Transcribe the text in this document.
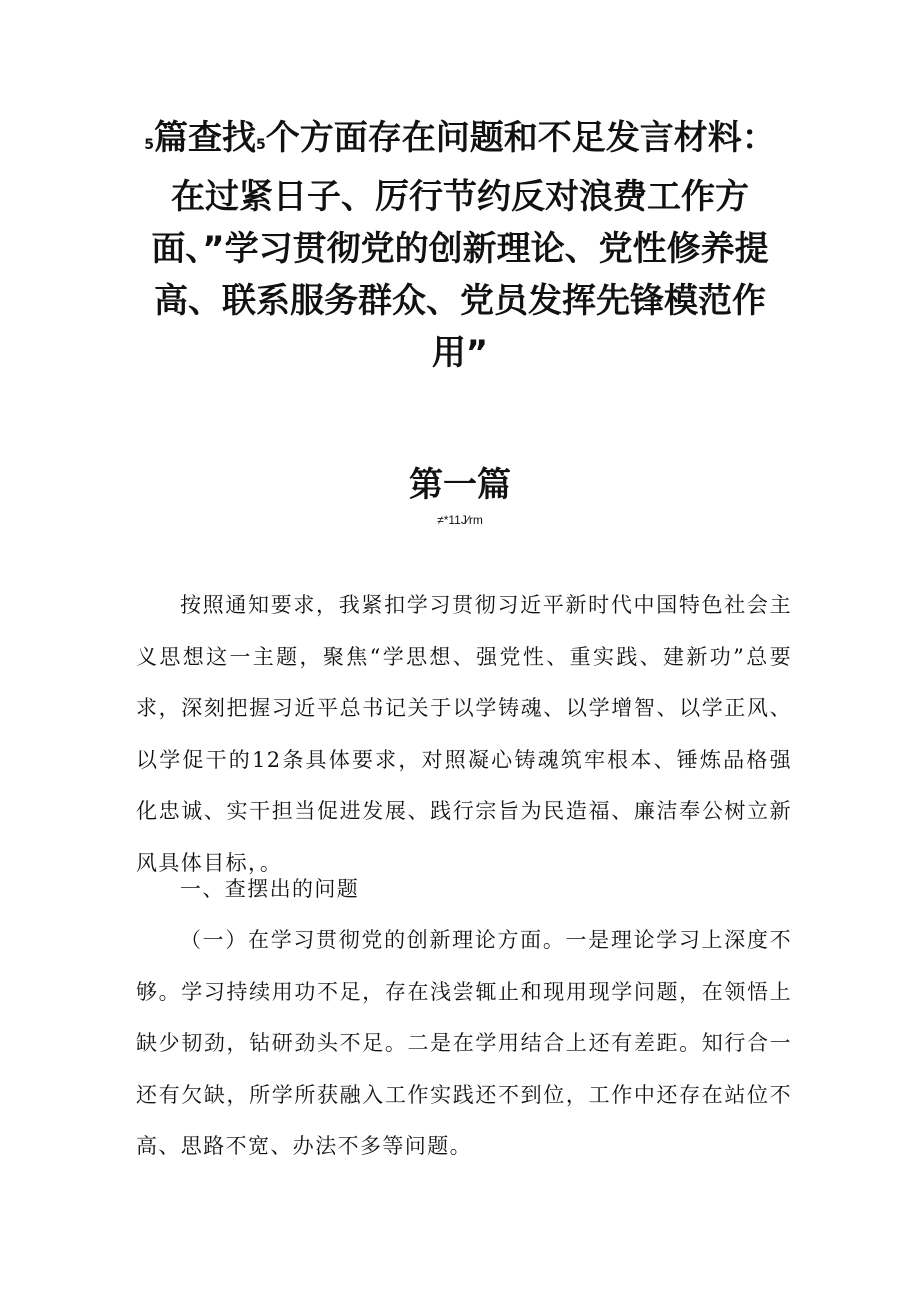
5篇查找5个方面存在问题和不足发言材料：在过紧日子、厉行节约反对浪费工作方面、”学习贯彻党的创新理论、党性修养提高、联系服务群众、党员发挥先锋模范作用”
第一篇
≠*11J∕rm

按照通知要求，我紧扣学习贯彻习近平新时代中国特色社会主义思想这一主题，聚焦“学思想、强党性、重实践、建新功”总要求，深刻把握习近平总书记关于以学铸魂、以学增智、以学正风、以学促干的12条具体要求，对照凝心铸魂筑牢根本、锤炼品格强化忠诚、实干担当促进发展、践行宗旨为民造福、廉洁奉公树立新风具体目标，。

一、查摆出的问题

（一）在学习贯彻党的创新理论方面。一是理论学习上深度不够。学习持续用功不足，存在浅尝辄止和现用现学问题，在领悟上缺少韧劲，钻研劲头不足。二是在学用结合上还有差距。知行合一还有欠缺，所学所获融入工作实践还不到位，工作中还存在站位不高、思路不宽、办法不多等问题。
